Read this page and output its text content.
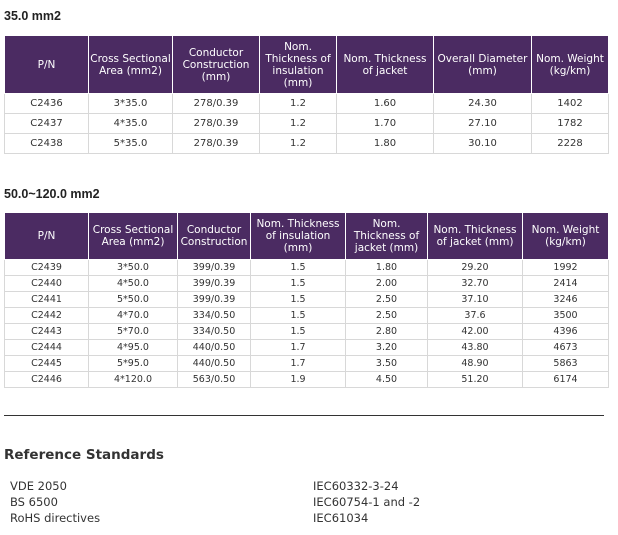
35.0 mm2
P/N	Cross Sectional Area (mm2)	Conductor Construction (mm)	Nom. Thickness of insulation (mm)	Nom. Thickness of jacket	Overall Diameter (mm)	Nom. Weight (kg/km)
C2436	3*35.0	278/0.39	1.2	1.60	24.30	1402
C2437	4*35.0	278/0.39	1.2	1.70	27.10	1782
C2438	5*35.0	278/0.39	1.2	1.80	30.10	2228
50.0~120.0 mm2
P/N	Cross Sectional Area (mm2)	Conductor Construction	Nom. Thickness of insulation (mm)	Nom. Thickness of jacket (mm)	Nom. Thickness of jacket (mm)	Nom. Weight (kg/km)
C2439	3*50.0	399/0.39	1.5	1.80	29.20	1992
C2440	4*50.0	399/0.39	1.5	2.00	32.70	2414
C2441	5*50.0	399/0.39	1.5	2.50	37.10	3246
C2442	4*70.0	334/0.50	1.5	2.50	37.6	3500
C2443	5*70.0	334/0.50	1.5	2.80	42.00	4396
C2444	4*95.0	440/0.50	1.7	3.20	43.80	4673
C2445	5*95.0	440/0.50	1.7	3.50	48.90	5863
C2446	4*120.0	563/0.50	1.9	4.50	51.20	6174
Reference Standards
VDE 2050
BS 6500
RoHS directives
IEC60332-3-24
IEC60754-1 and -2
IEC61034
